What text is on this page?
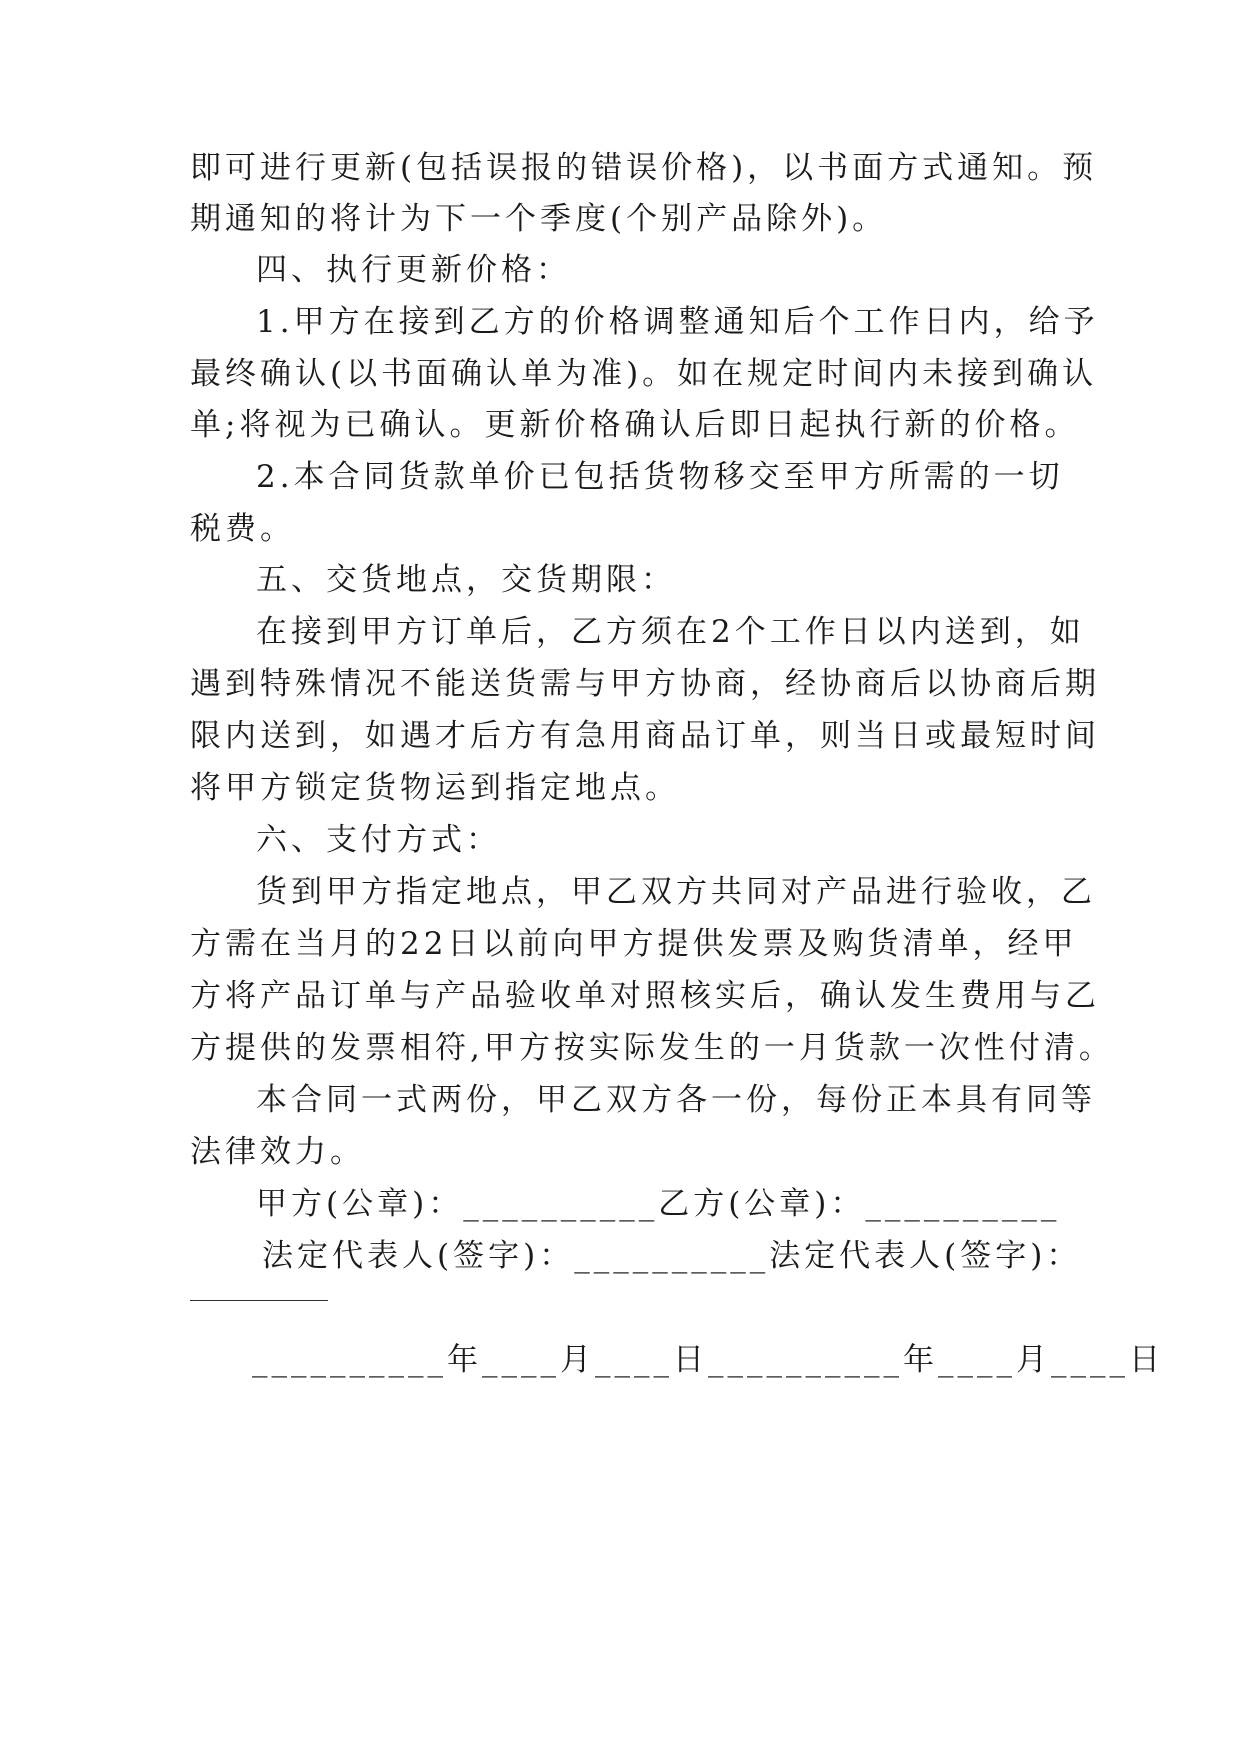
即可进行更新(包括误报的错误价格)，以书面方式通知。预
期通知的将计为下一个季度(个别产品除外)。
四、执行更新价格：
1.甲方在接到乙方的价格调整通知后个工作日内，给予
最终确认(以书面确认单为准)。如在规定时间内未接到确认
单;将视为已确认。更新价格确认后即日起执行新的价格。
2.本合同货款单价已包括货物移交至甲方所需的一切
税费。
五、交货地点，交货期限：
在接到甲方订单后，乙方须在2个工作日以内送到，如
遇到特殊情况不能送货需与甲方协商，经协商后以协商后期
限内送到，如遇才后方有急用商品订单，则当日或最短时间
将甲方锁定货物运到指定地点。
六、支付方式：
货到甲方指定地点，甲乙双方共同对产品进行验收，乙
方需在当月的22日以前向甲方提供发票及购货清单，经甲
方将产品订单与产品验收单对照核实后，确认发生费用与乙
方提供的发票相符,甲方按实际发生的一月货款一次性付清。
本合同一式两份，甲乙双方各一份，每份正本具有同等
法律效力。
甲方(公章)：__________乙方(公章)：__________
法定代表人(签字)：__________法定代表人(签字)：
__________年____月____日__________年____月____日
